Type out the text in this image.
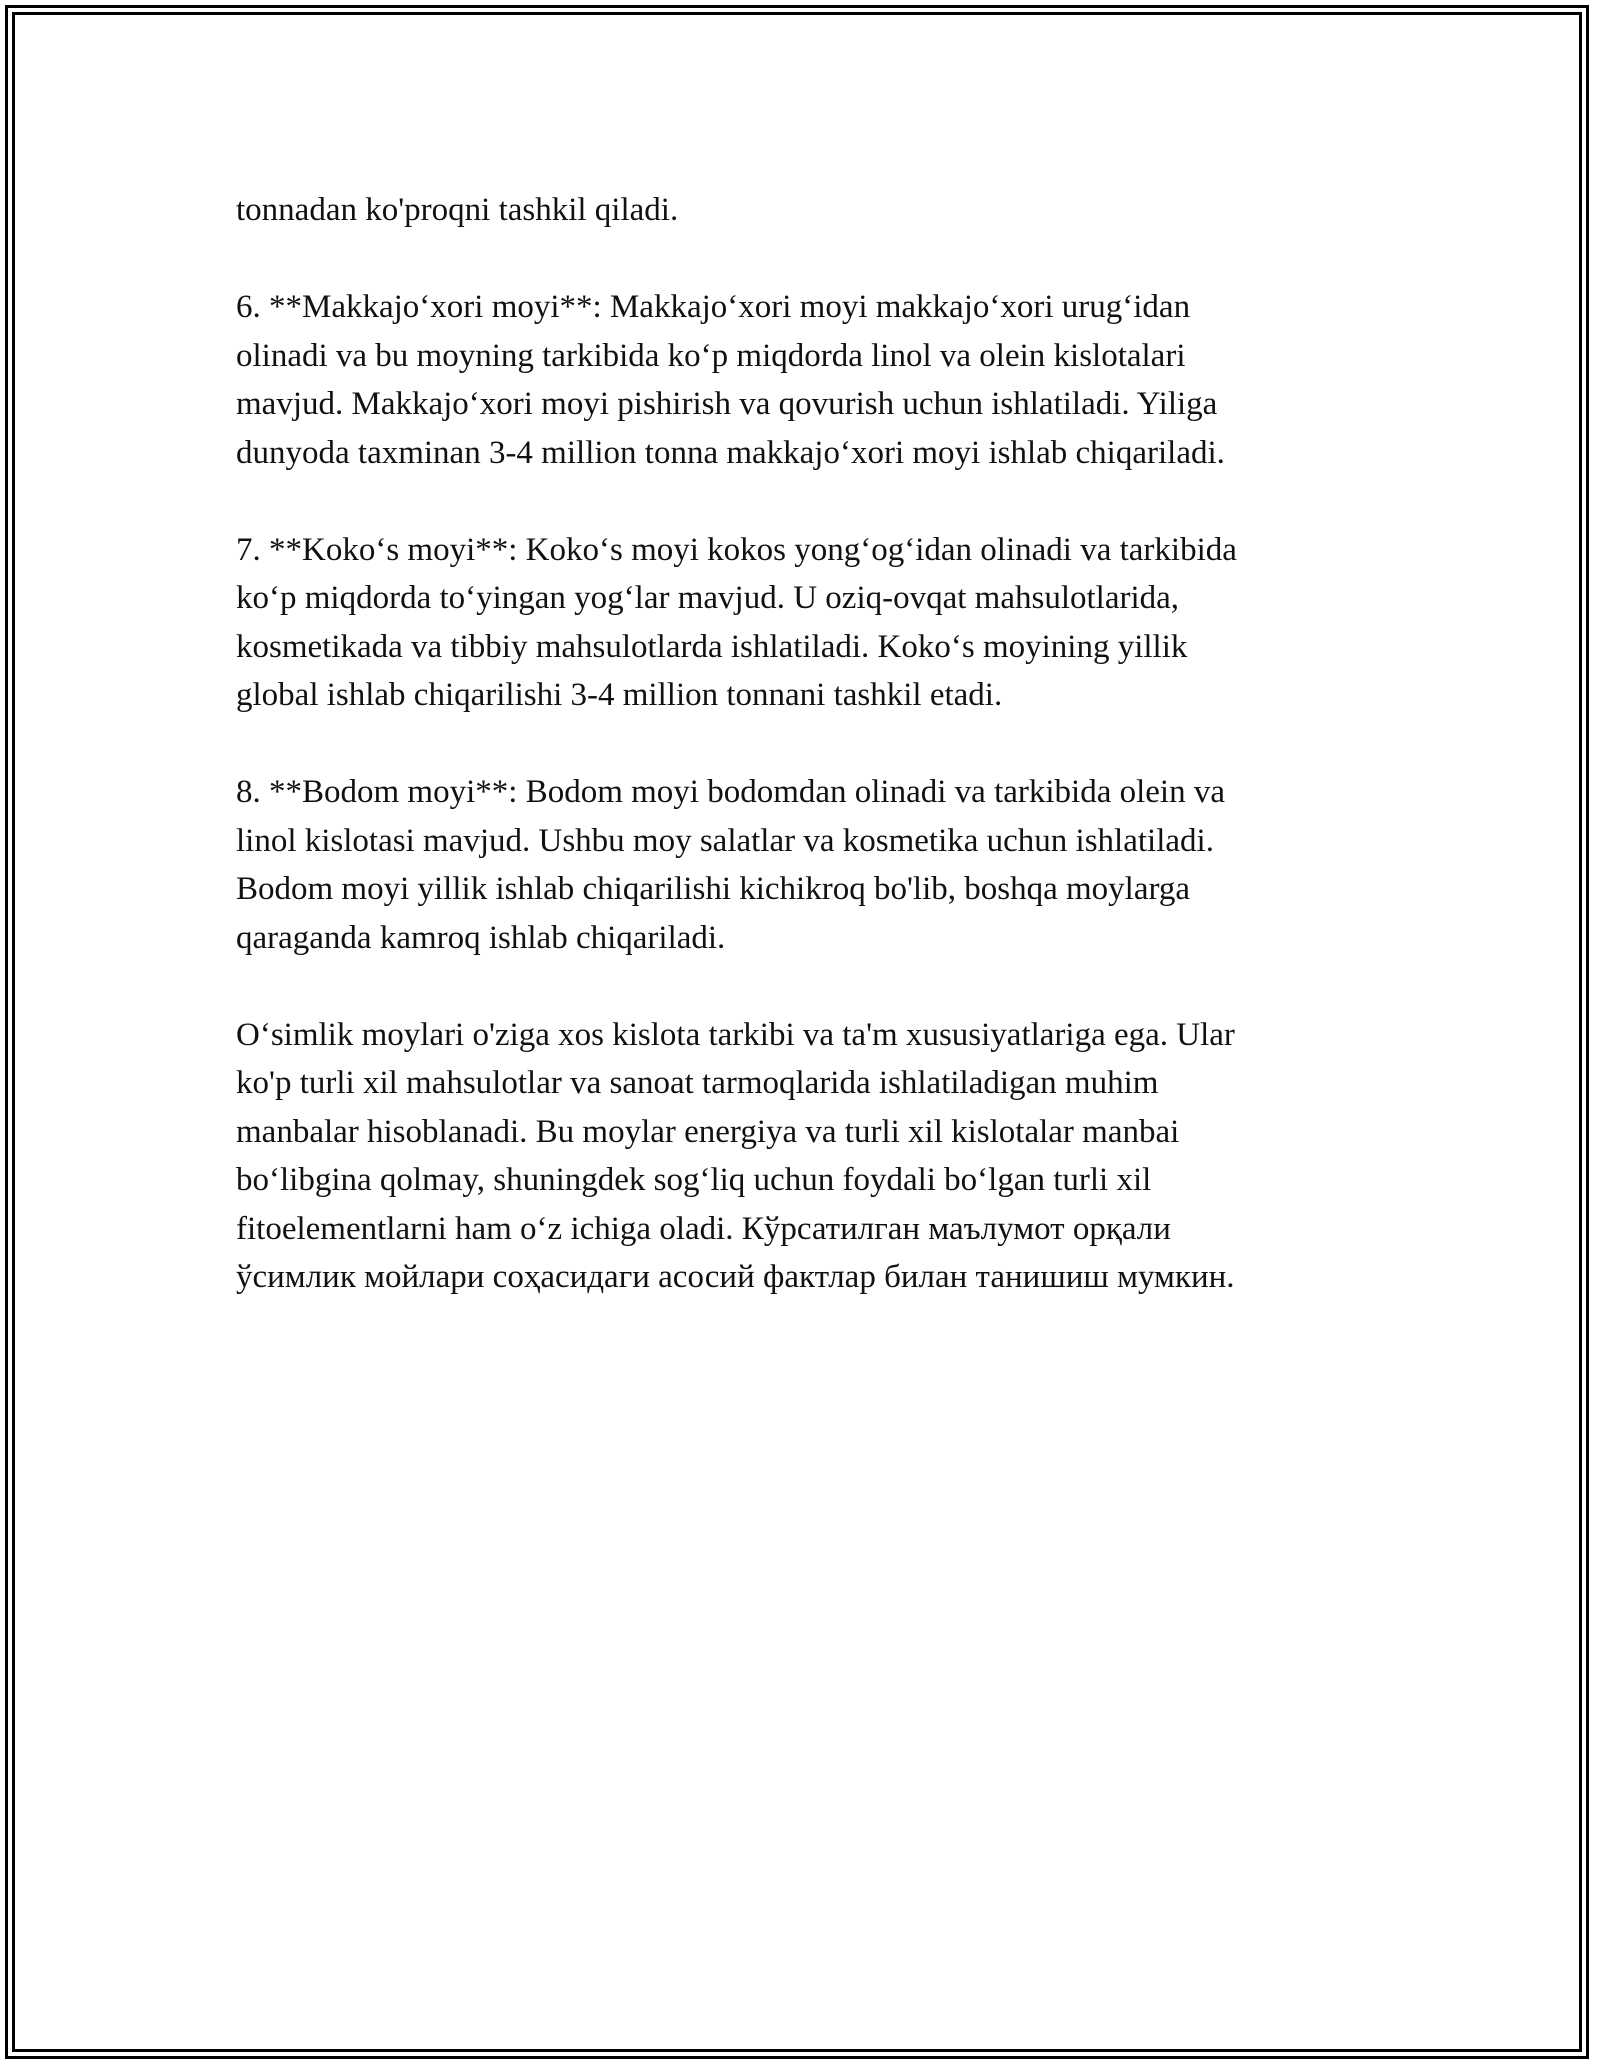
tonnadan ko'proqni tashkil qiladi.

6. **Makkajo‘xori moyi**: Makkajo‘xori moyi makkajo‘xori urug‘idan
olinadi va bu moyning tarkibida ko‘p miqdorda linol va olein kislotalari
mavjud. Makkajo‘xori moyi pishirish va qovurish uchun ishlatiladi. Yiliga
dunyoda taxminan 3-4 million tonna makkajo‘xori moyi ishlab chiqariladi.

7. **Koko‘s moyi**: Koko‘s moyi kokos yong‘og‘idan olinadi va tarkibida
ko‘p miqdorda to‘yingan yog‘lar mavjud. U oziq-ovqat mahsulotlarida,
kosmetikada va tibbiy mahsulotlarda ishlatiladi. Koko‘s moyining yillik
global ishlab chiqarilishi 3-4 million tonnani tashkil etadi.

8. **Bodom moyi**: Bodom moyi bodomdan olinadi va tarkibida olein va
linol kislotasi mavjud. Ushbu moy salatlar va kosmetika uchun ishlatiladi.
Bodom moyi yillik ishlab chiqarilishi kichikroq bo'lib, boshqa moylarga
qaraganda kamroq ishlab chiqariladi.

O‘simlik moylari o'ziga xos kislota tarkibi va ta'm xususiyatlariga ega. Ular
ko'p turli xil mahsulotlar va sanoat tarmoqlarida ishlatiladigan muhim
manbalar hisoblanadi. Bu moylar energiya va turli xil kislotalar manbai
bo‘libgina qolmay, shuningdek sog‘liq uchun foydali bo‘lgan turli xil
fitoelementlarni ham o‘z ichiga oladi. Кўрсатилган маълумот орқали
ўсимлик мойлари соҳасидаги асосий фактлар билан танишиш мумкин.
